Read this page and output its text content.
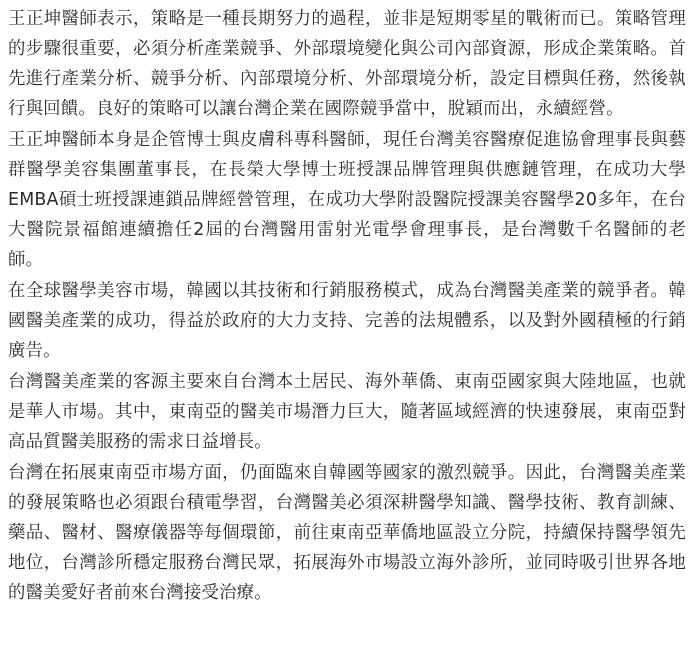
王正坤醫師表示，策略是一種長期努力的過程，並非是短期零星的戰術而已。策略管理的步驟很重要，必須分析產業競爭、外部環境變化與公司內部資源，形成企業策略。首先進行產業分析、競爭分析、內部環境分析、外部環境分析，設定目標與任務，然後執行與回饋。良好的策略可以讓台灣企業在國際競爭當中，脫穎而出，永續經營。

王正坤醫師本身是企管博士與皮膚科專科醫師，現任台灣美容醫療促進協會理事長與藝群醫學美容集團董事長，在長榮大學博士班授課品牌管理與供應鏈管理，在成功大學EMBA碩士班授課連鎖品牌經營管理，在成功大學附設醫院授課美容醫學20多年，在台大醫院景福館連續擔任2屆的台灣醫用雷射光電學會理事長，是台灣數千名醫師的老師。

在全球醫學美容市場，韓國以其技術和行銷服務模式，成為台灣醫美產業的競爭者。韓國醫美產業的成功，得益於政府的大力支持、完善的法規體系，以及對外國積極的行銷廣告。

台灣醫美產業的客源主要來自台灣本土居民、海外華僑、東南亞國家與大陸地區，也就是華人市場。其中，東南亞的醫美市場潛力巨大，隨著區域經濟的快速發展，東南亞對高品質醫美服務的需求日益增長。

台灣在拓展東南亞市場方面，仍面臨來自韓國等國家的激烈競爭。因此，台灣醫美產業的發展策略也必須跟台積電學習，台灣醫美必須深耕醫學知識、醫學技術、教育訓練、藥品、醫材、醫療儀器等每個環節，前往東南亞華僑地區設立分院，持續保持醫學領先地位，台灣診所穩定服務台灣民眾，拓展海外市場設立海外診所，並同時吸引世界各地的醫美愛好者前來台灣接受治療。
